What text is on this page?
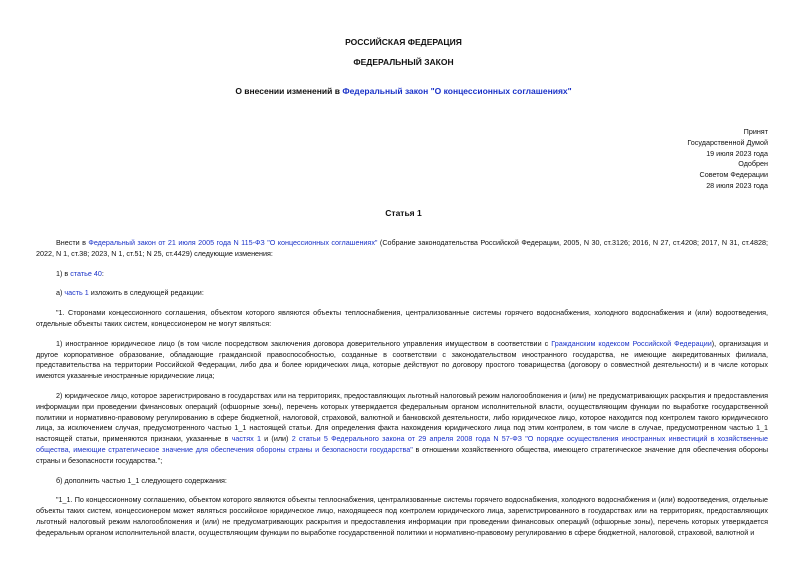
РОССИЙСКАЯ ФЕДЕРАЦИЯ
ФЕДЕРАЛЬНЫЙ ЗАКОН
О внесении изменений в Федеральный закон "О концессионных соглашениях"
Принят
Государственной Думой
19 июля 2023 года
Одобрен
Советом Федерации
28 июля 2023 года
Статья 1

Внести в Федеральный закон от 21 июля 2005 года N 115-ФЗ "О концессионных соглашениях" (Собрание законодательства Российской Федерации, 2005, N 30, ст.3126; 2016, N 27, ст.4208; 2017, N 31, ст.4828; 2022, N 1, ст.38; 2023, N 1, ст.51; N 25, ст.4429) следующие изменения:

1) в статье 40:

а) часть 1 изложить в следующей редакции:

"1. Сторонами концессионного соглашения, объектом которого являются объекты теплоснабжения, централизованные системы горячего водоснабжения, холодного водоснабжения и (или) водоотведения, отдельные объекты таких систем, концессионером не могут являться:

1) иностранное юридическое лицо (в том числе посредством заключения договора доверительного управления имуществом в соответствии с Гражданским кодексом Российской Федерации), организация и другое корпоративное образование, обладающие гражданской правоспособностью, созданные в соответствии с законодательством иностранного государства, не имеющие аккредитованных филиала, представительства на территории Российской Федерации, либо два и более юридических лица, которые действуют по договору простого товарищества (договору о совместной деятельности) и в числе которых имеются указанные иностранные юридические лица;

2) юридическое лицо, которое зарегистрировано в государствах или на территориях, предоставляющих льготный налоговый режим налогообложения и (или) не предусматривающих раскрытия и предоставления информации при проведении финансовых операций (офшорные зоны), перечень которых утверждается федеральным органом исполнительной власти, осуществляющим функции по выработке государственной политики и нормативно-правовому регулированию в сфере бюджетной, налоговой, страховой, валютной и банковской деятельности, либо юридическое лицо, которое находится под контролем такого юридического лица, за исключением случая, предусмотренного частью 1_1 настоящей статьи. Для определения факта нахождения юридического лица под этим контролем, в том числе в случае, предусмотренном частью 1_1 настоящей статьи, применяются признаки, указанные в частях 1 и (или) 2 статьи 5 Федерального закона от 29 апреля 2008 года N 57-ФЗ "О порядке осуществления иностранных инвестиций в хозяйственные общества, имеющие стратегическое значение для обеспечения обороны страны и безопасности государства" в отношении хозяйственного общества, имеющего стратегическое значение для обеспечения обороны страны и безопасности государства.";

б) дополнить частью 1_1 следующего содержания:

"1_1. По концессионному соглашению, объектом которого являются объекты теплоснабжения, централизованные системы горячего водоснабжения, холодного водоснабжения и (или) водоотведения, отдельные объекты таких систем, концессионером может являться российское юридическое лицо, находящееся под контролем юридического лица, зарегистрированного в государствах или на территориях, предоставляющих льготный налоговый режим налогообложения и (или) не предусматривающих раскрытия и предоставления информации при проведении финансовых операций (офшорные зоны), перечень которых утверждается федеральным органом исполнительной власти, осуществляющим функции по выработке государственной политики и нормативно-правовому регулированию в сфере бюджетной, налоговой, страховой, валютной и
